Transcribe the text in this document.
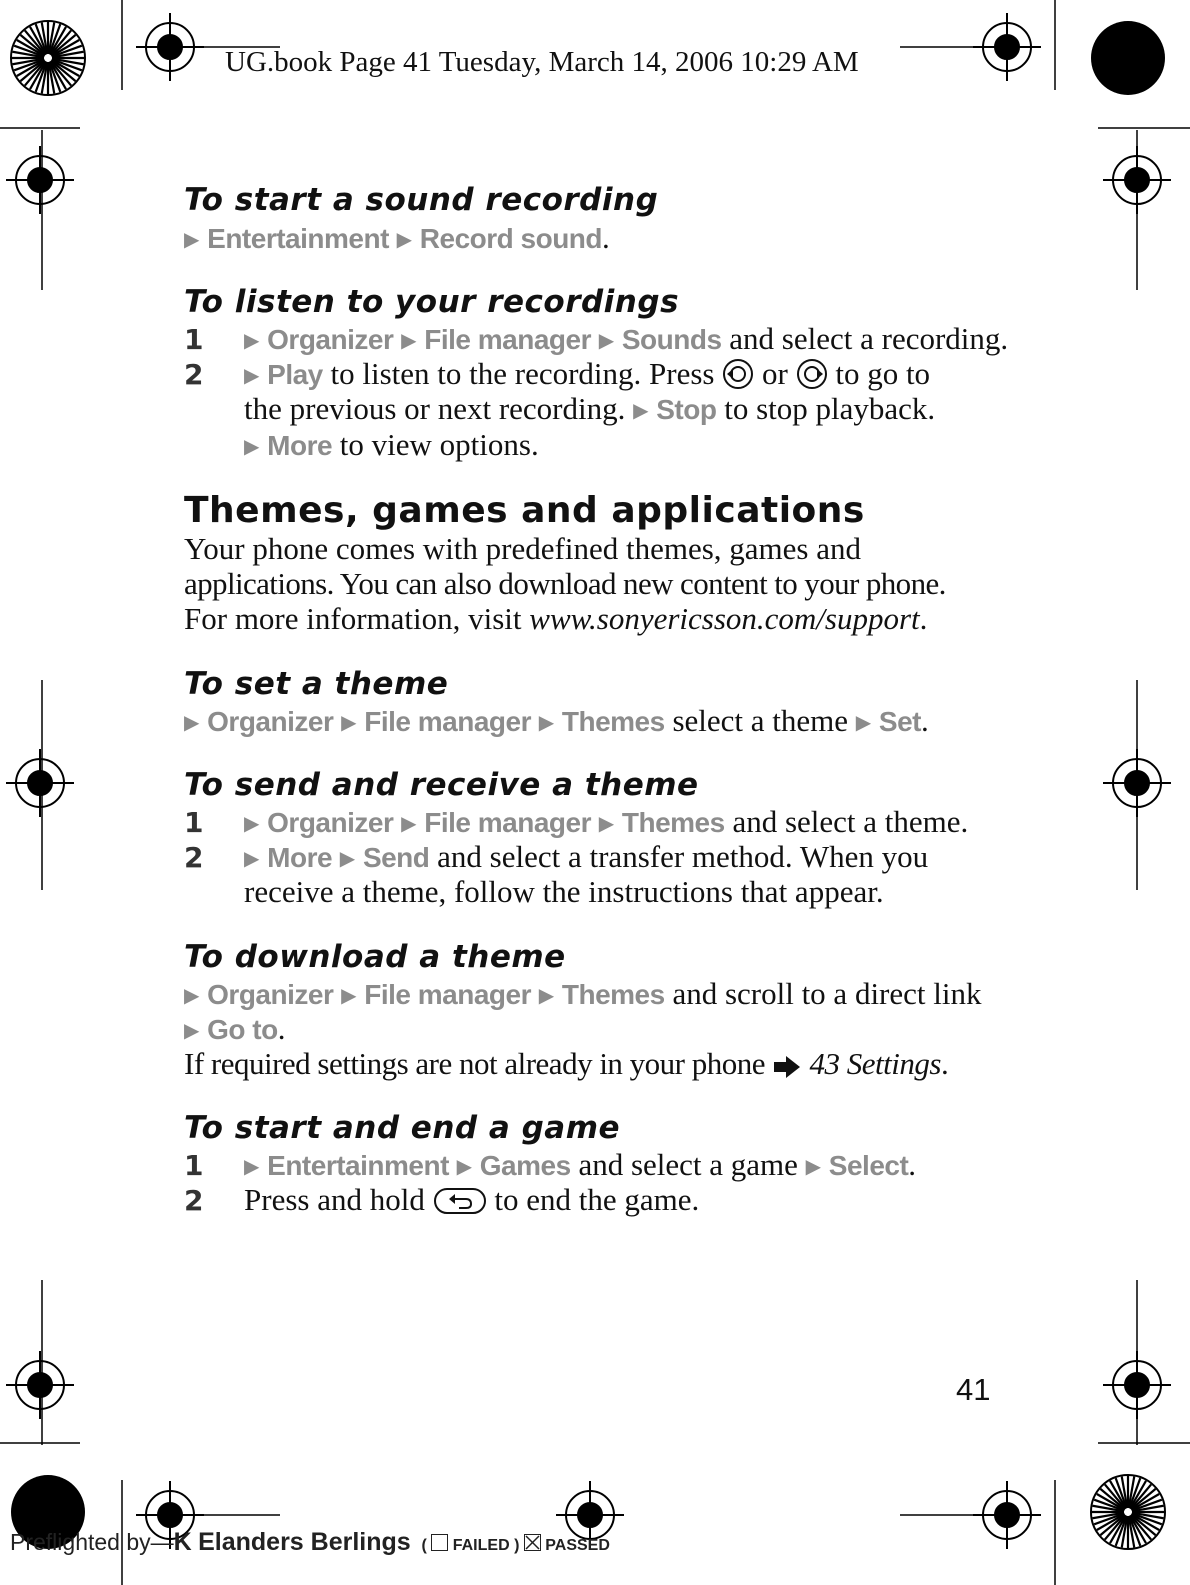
UG.book Page 41 Tuesday, March 14, 2006 10:29 AM
To start a sound recording
▶ Entertainment ▶ Record sound.
To listen to your recordings
1 ▶ Organizer ▶ File manager ▶ Sounds and select a recording.
2 ▶ Play to listen to the recording. Press  or  to go to
the previous or next recording. ▶ Stop to stop playback.
▶ More to view options.
Themes, games and applications
Your phone comes with predefined themes, games and
applications. You can also download new content to your phone.
For more information, visit www.sonyericsson.com/support.
To set a theme
▶ Organizer ▶ File manager ▶ Themes select a theme ▶ Set.
To send and receive a theme
1 ▶ Organizer ▶ File manager ▶ Themes and select a theme.
2 ▶ More ▶ Send and select a transfer method. When you
receive a theme, follow the instructions that appear.
To download a theme
▶ Organizer ▶ File manager ▶ Themes and scroll to a direct link
▶ Go to.
If required settings are not already in your phone  43 Settings.
To start and end a game
1 ▶ Entertainment ▶ Games and select a game ▶ Select.
2 Press and hold  to end the game.
41
Preflighted by—K Elanders Berlings  (  FAILED )
PASSED
